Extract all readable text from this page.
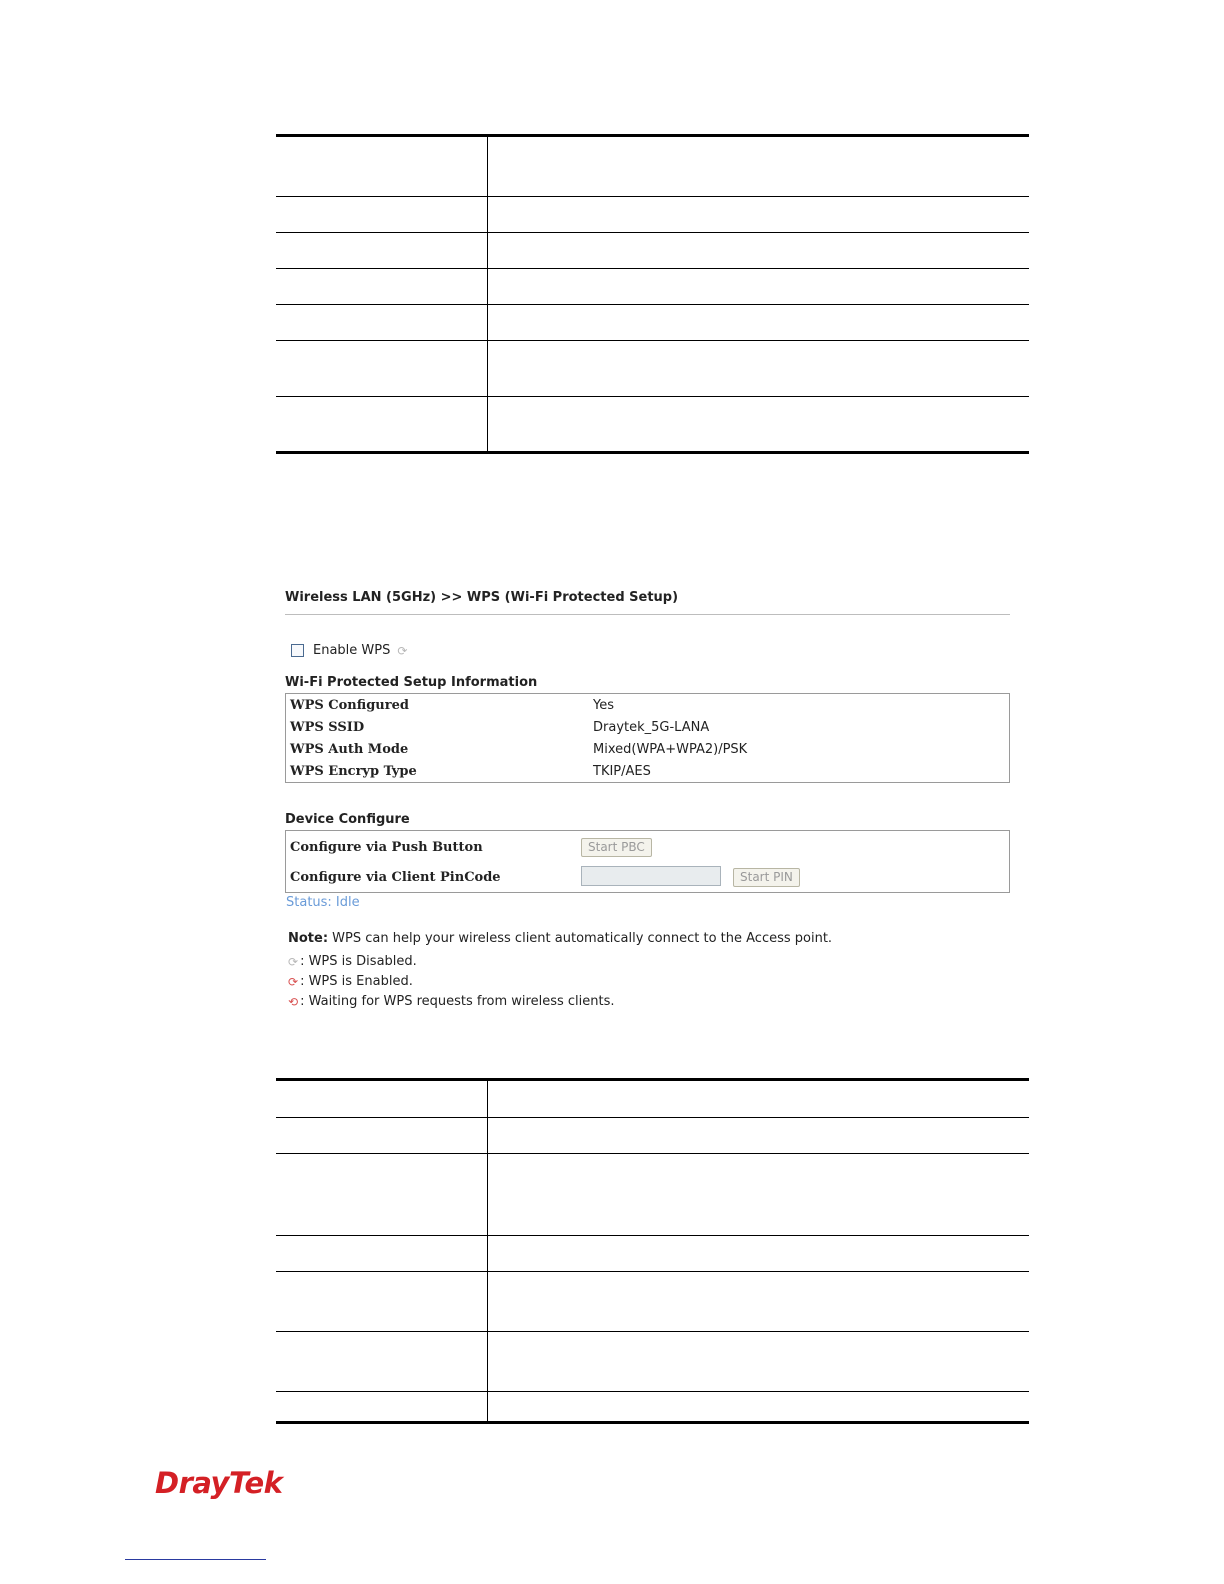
Wireless LAN (5GHz) >> WPS (Wi-Fi Protected Setup)
Enable WPS ⟳
Wi-Fi Protected Setup Information
WPS Configured	Yes
WPS SSID	Draytek_5G-LANA
WPS Auth Mode	Mixed(WPA+WPA2)/PSK
WPS Encryp Type	TKIP/AES
Device Configure
Configure via Push Button	Start PBC
Configure via Client PinCode	Start PIN
Status: Idle
Note: WPS can help your wireless client automatically connect to the Access point.
⟳ : WPS is Disabled.
⟳ : WPS is Enabled.
⟲ : Waiting for WPS requests from wireless clients.

DrayTek
